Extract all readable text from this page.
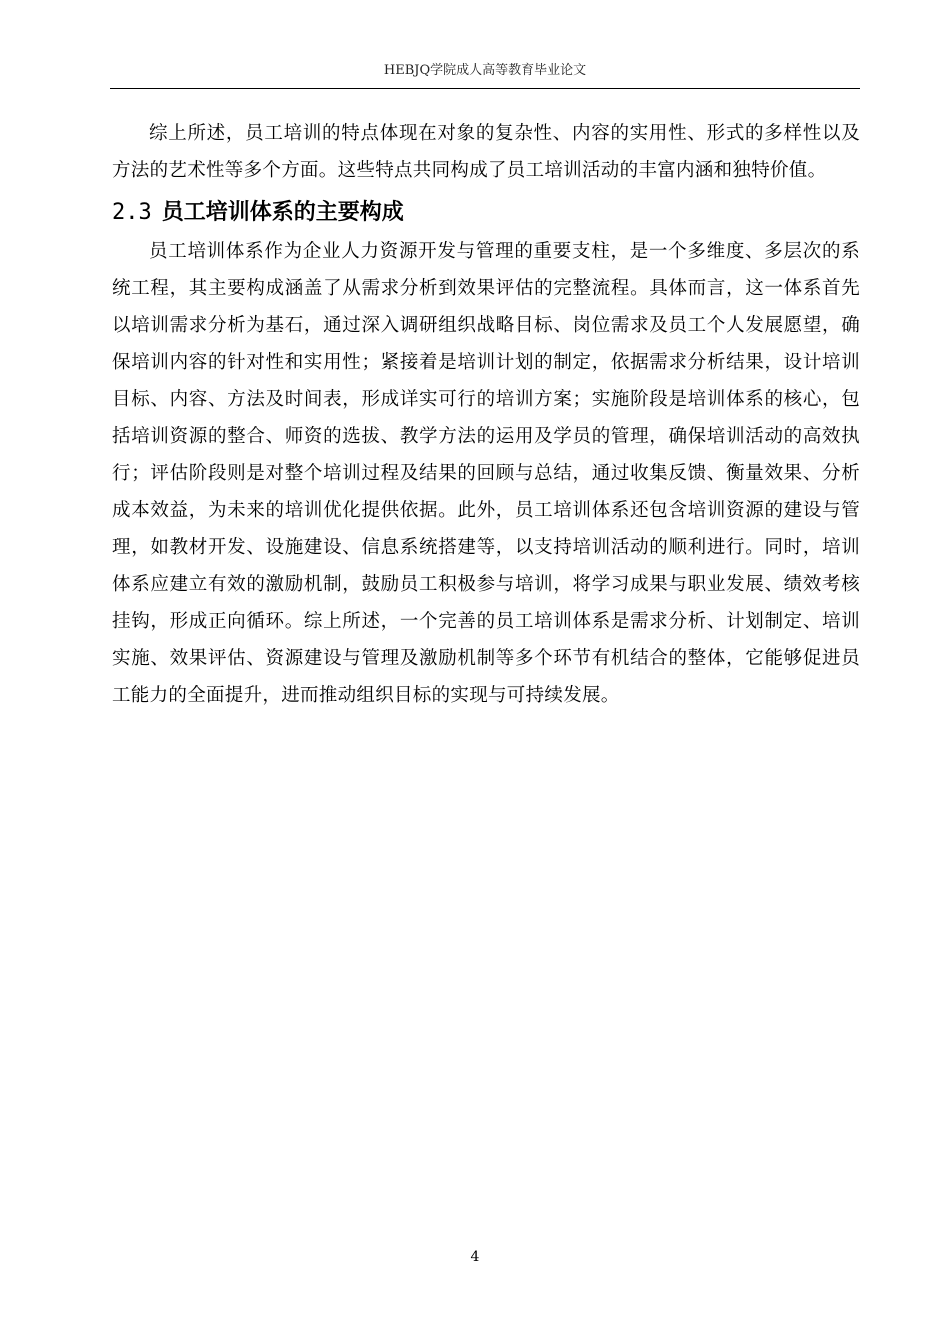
HEBJQ学院成人高等教育毕业论文

综上所述，员工培训的特点体现在对象的复杂性、内容的实用性、形式的多样性以及方法的艺术性等多个方面。这些特点共同构成了员工培训活动的丰富内涵和独特价值。

2.3 员工培训体系的主要构成

员工培训体系作为企业人力资源开发与管理的重要支柱，是一个多维度、多层次的系统工程，其主要构成涵盖了从需求分析到效果评估的完整流程。具体而言，这一体系首先以培训需求分析为基石，通过深入调研组织战略目标、岗位需求及员工个人发展愿望，确保培训内容的针对性和实用性；紧接着是培训计划的制定，依据需求分析结果，设计培训目标、内容、方法及时间表，形成详实可行的培训方案；实施阶段是培训体系的核心，包括培训资源的整合、师资的选拔、教学方法的运用及学员的管理，确保培训活动的高效执行；评估阶段则是对整个培训过程及结果的回顾与总结，通过收集反馈、衡量效果、分析成本效益，为未来的培训优化提供依据。此外，员工培训体系还包含培训资源的建设与管理，如教材开发、设施建设、信息系统搭建等，以支持培训活动的顺利进行。同时，培训体系应建立有效的激励机制，鼓励员工积极参与培训，将学习成果与职业发展、绩效考核挂钩，形成正向循环。综上所述，一个完善的员工培训体系是需求分析、计划制定、培训实施、效果评估、资源建设与管理及激励机制等多个环节有机结合的整体，它能够促进员工能力的全面提升，进而推动组织目标的实现与可持续发展。

4
